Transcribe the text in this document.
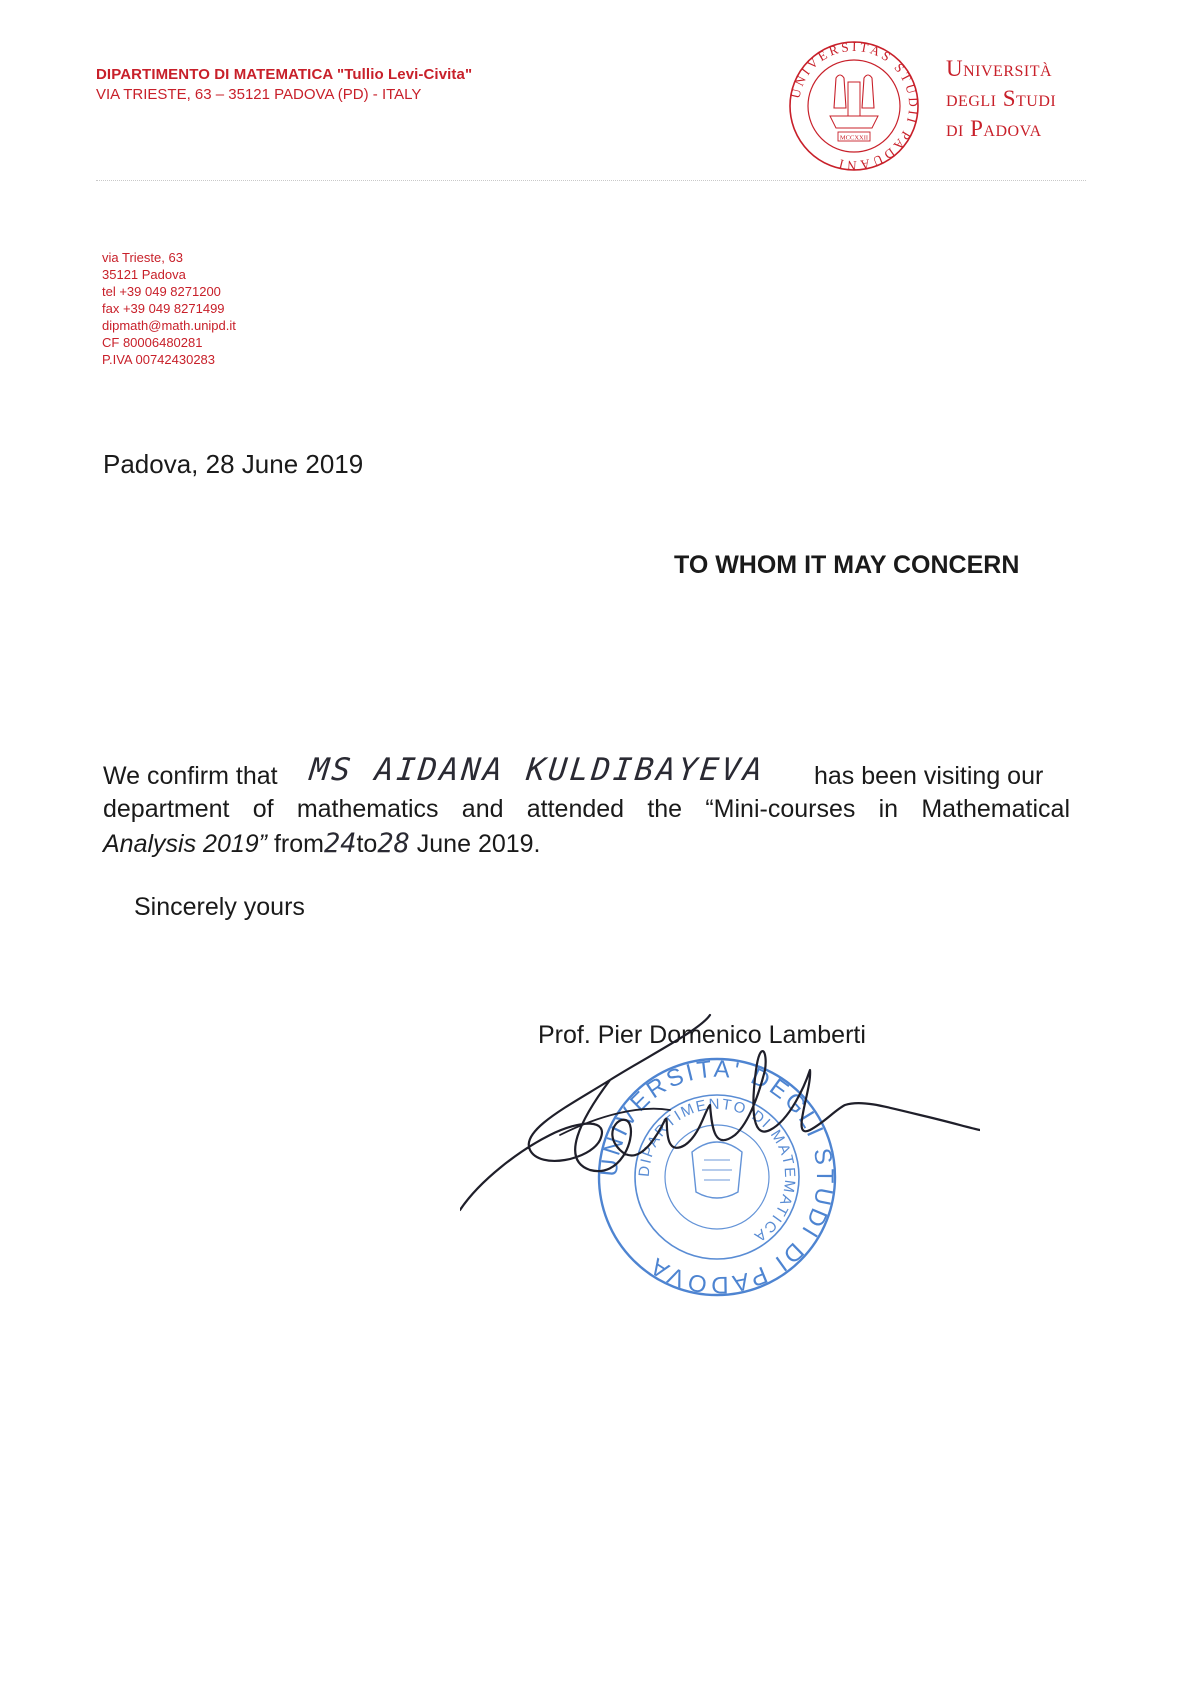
DIPARTIMENTO DI MATEMATICA "Tullio Levi-Civita"
VIA TRIESTE, 63 – 35121 PADOVA (PD) - ITALY	UNIVERSITAS STUDII PADUANI
MCCXXII
Università
degli Studi
di Padova
via Trieste, 63
35121 Padova
tel +39 049 8271200
fax +39 049 8271499
dipmath@math.unipd.it
CF 80006480281
P.IVA 00742430283
Padova, 28 June 2019
TO WHOM IT MAY CONCERN
We confirm that MS AIDANA KULDIBAYEVA has been visiting our
department of mathematics and attended the “Mini-courses in Mathematical
Analysis 2019” from24to28 June 2019.
Sincerely yours
Prof. Pier Domenico Lamberti
UNIVERSITA' DEGLI STUDI DI PADOVA
DIPARTIMENTO DI MATEMATICA
